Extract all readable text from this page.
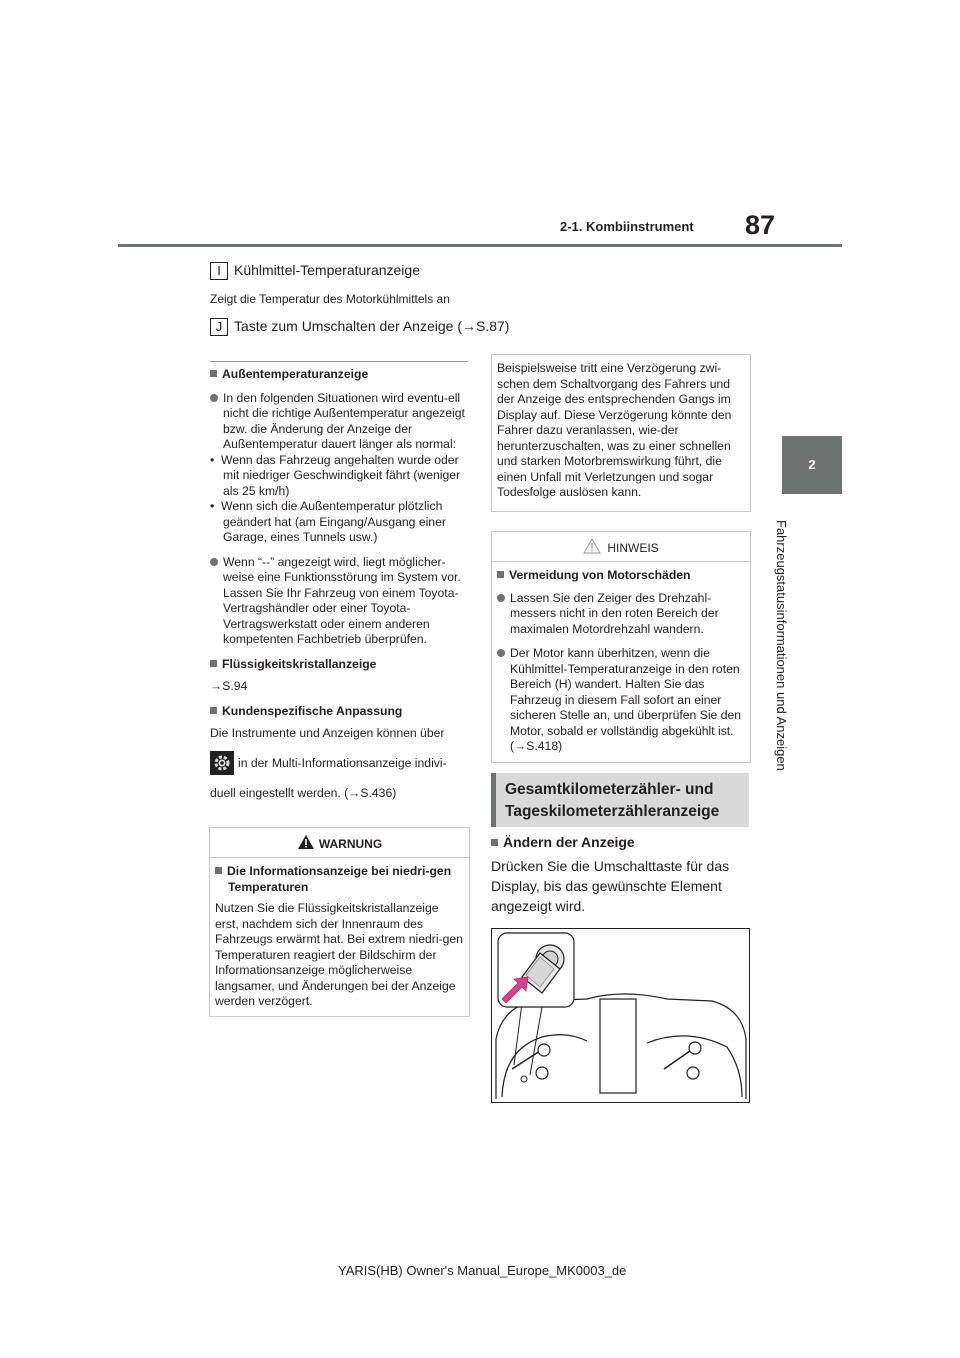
87
2-1. Kombiinstrument
2
Fahrzeugstatusinformationen und Anzeigen
I Kühlmittel-Temperaturanzeige
Zeigt die Temperatur des Motorkühlmittels an
J Taste zum Umschalten der Anzeige (→S.87)
Außentemperaturanzeige
In den folgenden Situationen wird eventu-ell nicht die richtige Außentemperatur angezeigt bzw. die Änderung der Anzeige der Außentemperatur dauert länger als normal:
•  Wenn das Fahrzeug angehalten wurde oder mit niedriger Geschwindigkeit fährt (weniger als 25 km/h)
•  Wenn sich die Außentemperatur plötzlich geändert hat (am Eingang/Ausgang einer Garage, eines Tunnels usw.)
Wenn “--” angezeigt wird, liegt möglicher-weise eine Funktionsstörung im System vor. Lassen Sie Ihr Fahrzeug von einem Toyota-Vertragshändler oder einer Toyota-Vertragswerkstatt oder einem anderen kompetenten Fachbetrieb überprüfen.
Flüssigkeitskristallanzeige
→S.94
Kundenspezifische Anpassung
Die Instrumente und Anzeigen können über
in der Multi-Informationsanzeige indivi-
duell eingestellt werden. (→S.436)
WARNUNG
Die Informationsanzeige bei niedri-gen Temperaturen
Nutzen Sie die Flüssigkeitskristallanzeige erst, nachdem sich der Innenraum des Fahrzeugs erwärmt hat. Bei extrem niedri-gen Temperaturen reagiert der Bildschirm der Informationsanzeige möglicherweise langsamer, und Änderungen bei der Anzeige werden verzögert.
Beispielsweise tritt eine Verzögerung zwi-schen dem Schaltvorgang des Fahrers und der Anzeige des entsprechenden Gangs im Display auf. Diese Verzögerung könnte den Fahrer dazu veranlassen, wie-der herunterzuschalten, was zu einer schnellen und starken Motorbremswirkung führt, die einen Unfall mit Verletzungen und sogar Todesfolge auslösen kann.
HINWEIS
Vermeidung von Motorschäden
Lassen Sie den Zeiger des Drehzahl-messers nicht in den roten Bereich der maximalen Motordrehzahl wandern.
Der Motor kann überhitzen, wenn die Kühlmittel-Temperaturanzeige in den roten Bereich (H) wandert. Halten Sie das Fahrzeug in diesem Fall sofort an einer sicheren Stelle an, und überprüfen Sie den Motor, sobald er vollständig abgekühlt ist. (→S.418)
Gesamtkilometerzähler- und
Tageskilometerzähleranzeige
Ändern der Anzeige
Drücken Sie die Umschalttaste für das Display, bis das gewünschte Element angezeigt wird.
YARIS(HB) Owner's Manual_Europe_MK0003_de
